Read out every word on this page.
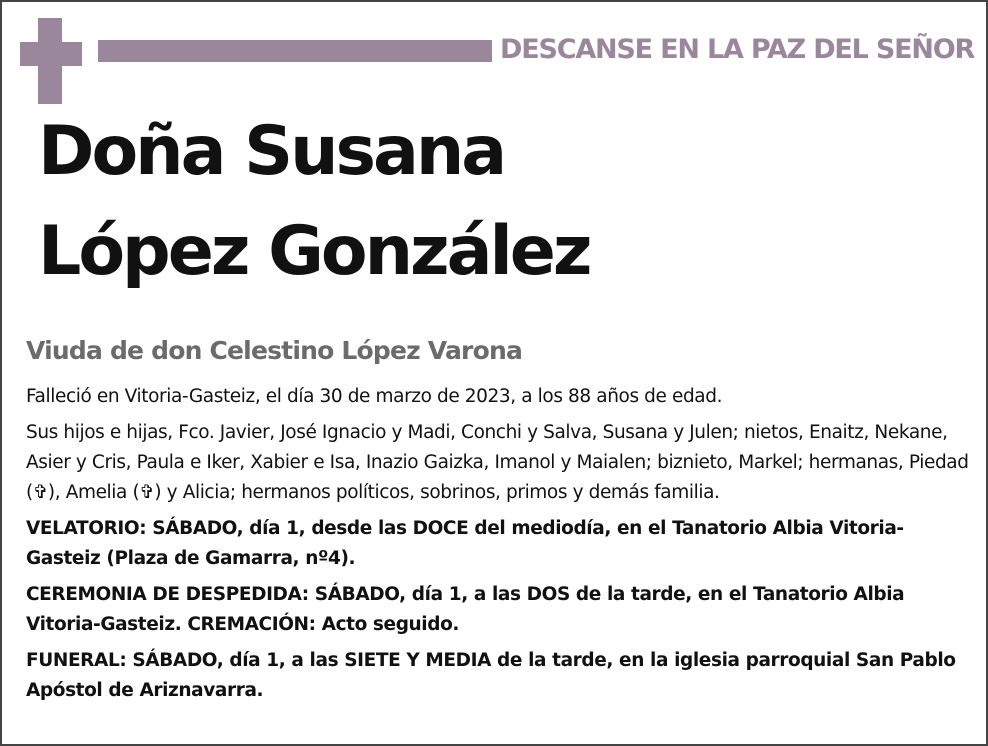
DESCANSE EN LA PAZ DEL SEÑOR
Doña Susana
López González
Viuda de don Celestino López Varona

Falleció en Vitoria-Gasteiz, el día 30 de marzo de 2023, a los 88 años de edad.

Sus hijos e hijas, Fco. Javier, José Ignacio y Madi, Conchi y Salva, Susana y Julen; nietos, Enaitz, Nekane, Asier y Cris, Paula e Iker, Xabier e Isa, Inazio Gaizka, Imanol y Maialen; biznieto, Markel; hermanas, Piedad (✞), Amelia (✞) y Alicia; hermanos políticos, sobrinos, primos y demás familia.

VELATORIO: SÁBADO, día 1, desde las DOCE del mediodía, en el Tanatorio Albia Vitoria-Gasteiz (Plaza de Gamarra, nº4).

CEREMONIA DE DESPEDIDA: SÁBADO, día 1, a las DOS de la tarde, en el Tanatorio Albia Vitoria-Gasteiz. CREMACIÓN: Acto seguido.

FUNERAL: SÁBADO, día 1, a las SIETE Y MEDIA de la tarde, en la iglesia parroquial San Pablo Apóstol de Ariznavarra.
